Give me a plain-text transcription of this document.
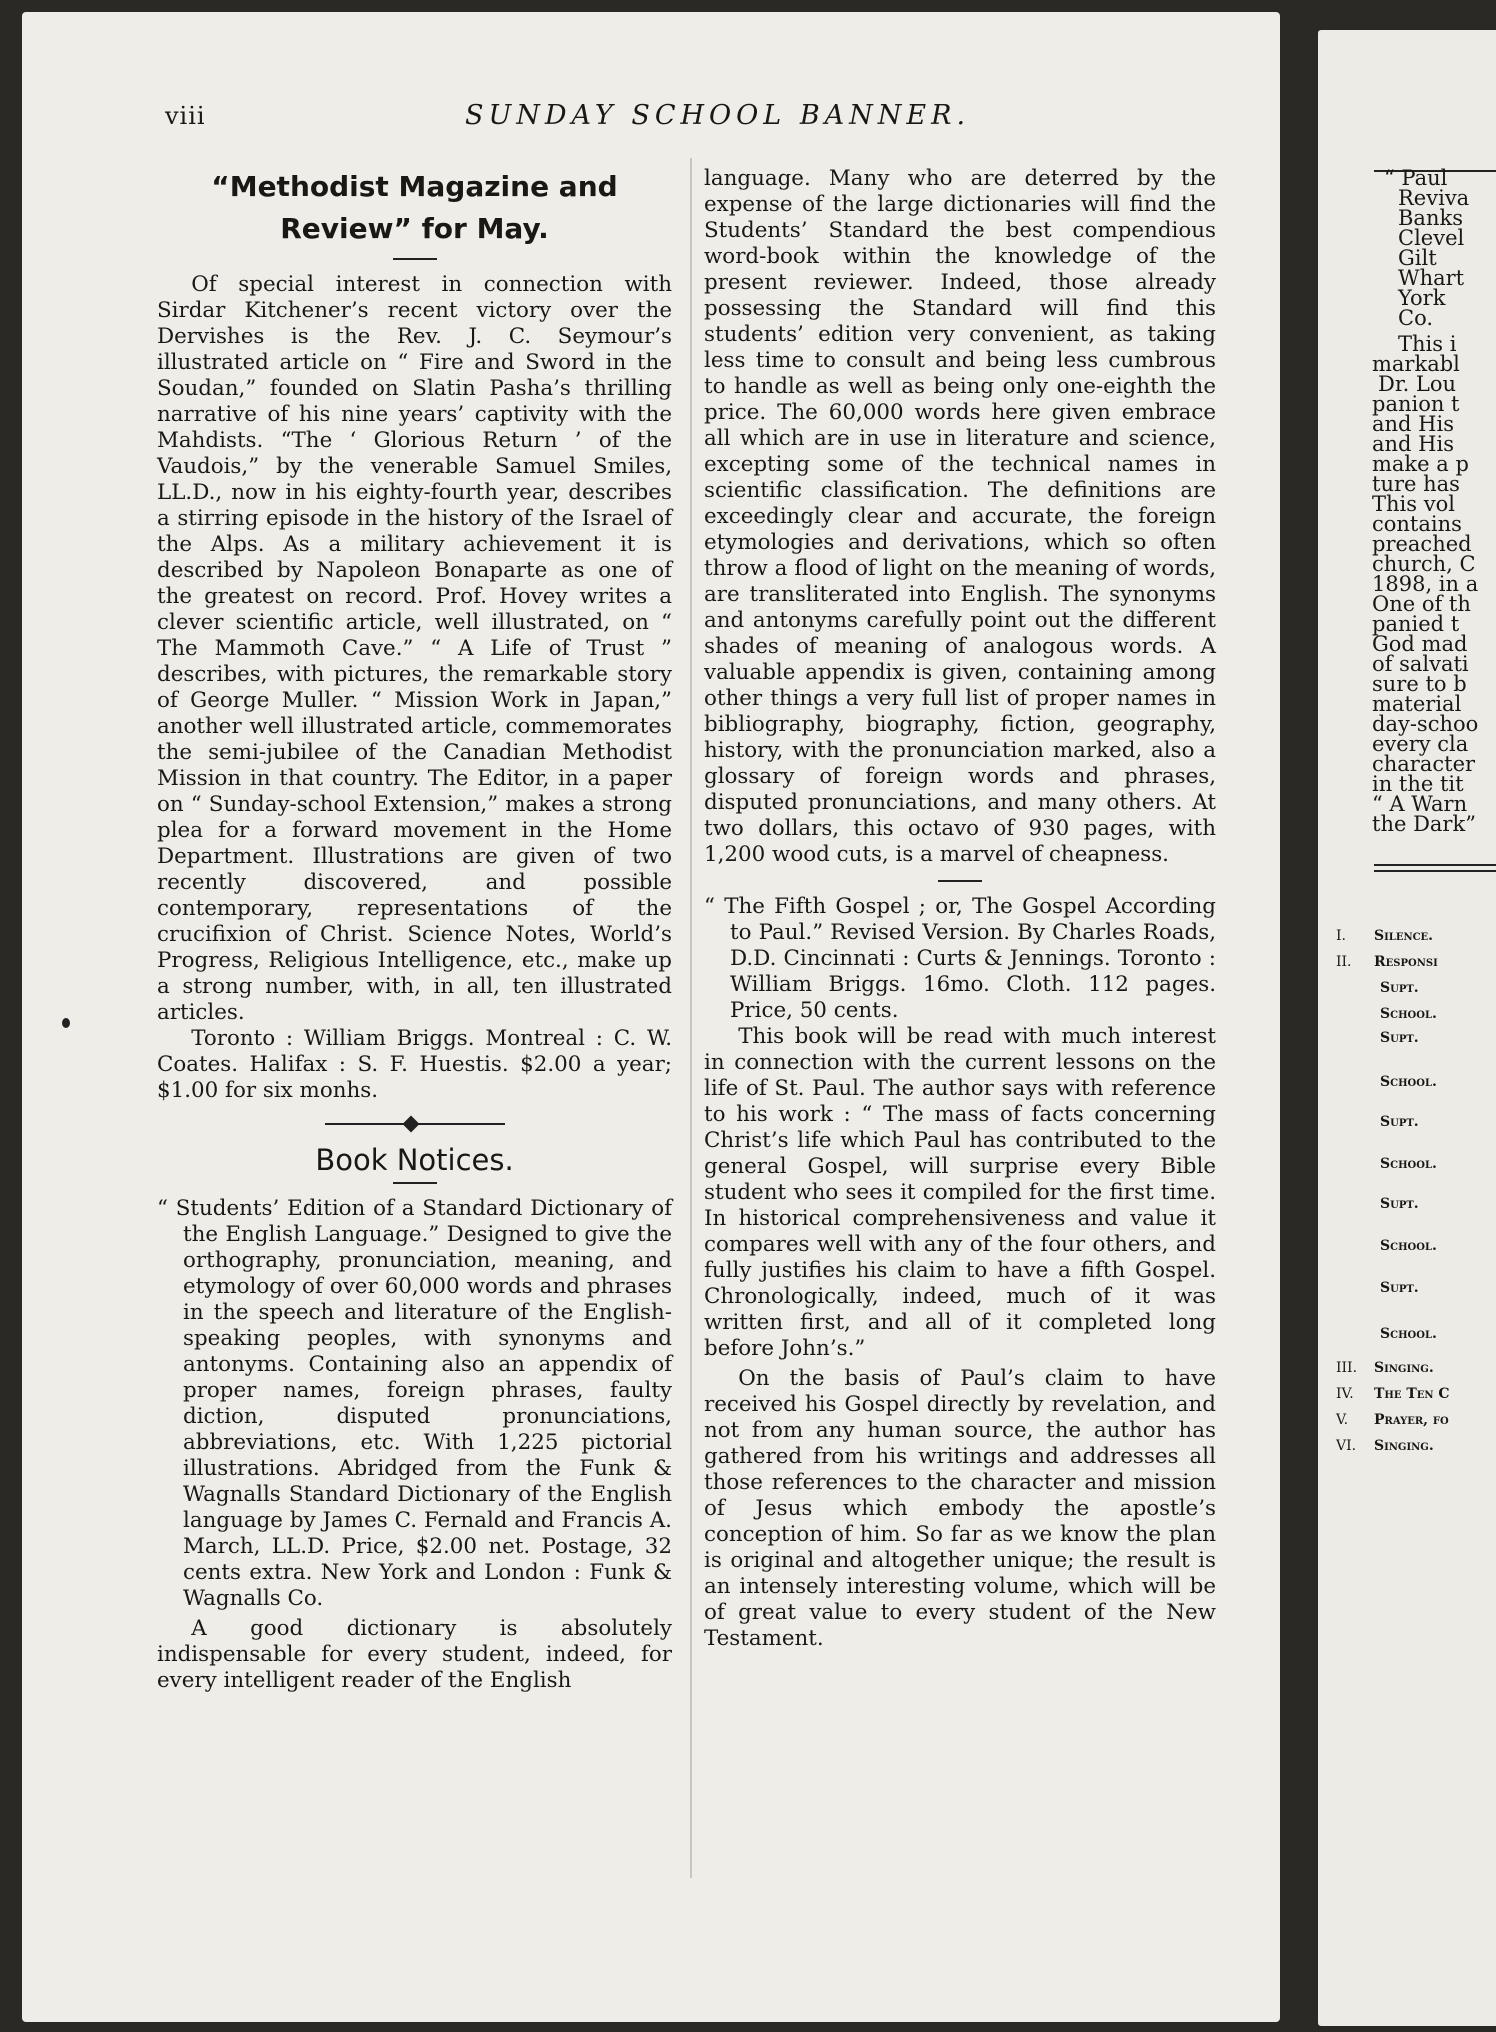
viii	SUNDAY SCHOOL BANNER.
“Methodist Magazine and
Review” for May.

Of special interest in connection with Sirdar Kitchener’s recent victory over the Dervishes is the Rev. J. C. Seymour’s illustrated article on “ Fire and Sword in the Soudan,” founded on Slatin Pasha’s thrilling narrative of his nine years’ captivity with the Mahdists. “The ‘ Glorious Return ’ of the Vaudois,” by the venerable Samuel Smiles, LL.D., now in his eighty-fourth year, describes a stirring episode in the history of the Israel of the Alps. As a military achievement it is described by Napoleon Bonaparte as one of the greatest on record. Prof. Hovey writes a clever scientific article, well illustrated, on “ The Mammoth Cave.” “ A Life of Trust ” describes, with pictures, the remarkable story of George Muller. “ Mission Work in Japan,” another well illustrated article, commemorates the semi-jubilee of the Canadian Methodist Mission in that country. The Editor, in a paper on “ Sunday-school Extension,” makes a strong plea for a forward movement in the Home Department. Illustrations are given of two recently discovered, and possible contemporary, representations of the crucifixion of Christ. Science Notes, World’s Progress, Religious Intelligence, etc., make up a strong number, with, in all, ten illustrated articles.

Toronto : William Briggs. Montreal : C. W. Coates. Halifax : S. F. Huestis. $2.00 a year; $1.00 for six monhs.

Book Notices.

“ Students’ Edition of a Standard Dictionary of the English Language.” Designed to give the orthography, pronunciation, meaning, and etymology of over 60,000 words and phrases in the speech and literature of the English-speaking peoples, with synonyms and antonyms. Containing also an appendix of proper names, foreign phrases, faulty diction, disputed pronunciations, abbreviations, etc. With 1,225 pictorial illustrations. Abridged from the Funk & Wagnalls Standard Dictionary of the English language by James C. Fernald and Francis A. March, LL.D. Price, $2.00 net. Postage, 32 cents extra. New York and London : Funk & Wagnalls Co.

A good dictionary is absolutely indispensable for every student, indeed, for every intelligent reader of the English

language. Many who are deterred by the expense of the large dictionaries will find the Students’ Standard the best compendious word-book within the knowledge of the present reviewer. Indeed, those already possessing the Standard will find this students’ edition very convenient, as taking less time to consult and being less cumbrous to handle as well as being only one-eighth the price. The 60,000 words here given embrace all which are in use in literature and science, excepting some of the technical names in scientific classification. The definitions are exceedingly clear and accurate, the foreign etymologies and derivations, which so often throw a flood of light on the meaning of words, are transliterated into English. The synonyms and antonyms carefully point out the different shades of meaning of analogous words. A valuable appendix is given, containing among other things a very full list of proper names in bibliography, biography, fiction, geography, history, with the pronunciation marked, also a glossary of foreign words and phrases, disputed pronunciations, and many others. At two dollars, this octavo of 930 pages, with 1,200 wood cuts, is a marvel of cheapness.

“ The Fifth Gospel ; or, The Gospel According to Paul.” Revised Version. By Charles Roads, D.D. Cincinnati : Curts & Jennings. Toronto : William Briggs. 16mo. Cloth. 112 pages. Price, 50 cents.

This book will be read with much interest in connection with the current lessons on the life of St. Paul. The author says with reference to his work : “ The mass of facts concerning Christ’s life which Paul has contributed to the general Gospel, will surprise every Bible student who sees it compiled for the first time. In historical comprehensiveness and value it compares well with any of the four others, and fully justifies his claim to have a fifth Gospel. Chronologically, indeed, much of it was written first, and all of it completed long before John’s.”

On the basis of Paul’s claim to have received his Gospel directly by revelation, and not from any human source, the author has gathered from his writings and addresses all those references to the character and mission of Jesus which embody the apostle’s conception of him. So far as we know the plan is original and altogether unique; the result is an intensely interesting volume, which will be of great value to every student of the New Testament.

“ Paul
Reviva
Banks
Clevel
Gilt
Whart
York
Co.
This i
markabl
Dr. Lou
panion t
and His
and His
make a p
ture has
This vol
contains
preached
church, C
1898, in a
One of th
panied t
God mad
of salvati
sure to b
material
day-schoo
every cla
character
in the tit
“ A Warn
the Dark”
I. Silence.
II. Responsi
Supt.
School.
Supt.
School.
Supt.
School.
Supt.
School.
Supt.
School.
III. Singing.
IV. The Ten C
V. Prayer, fo
VI. Singing.
